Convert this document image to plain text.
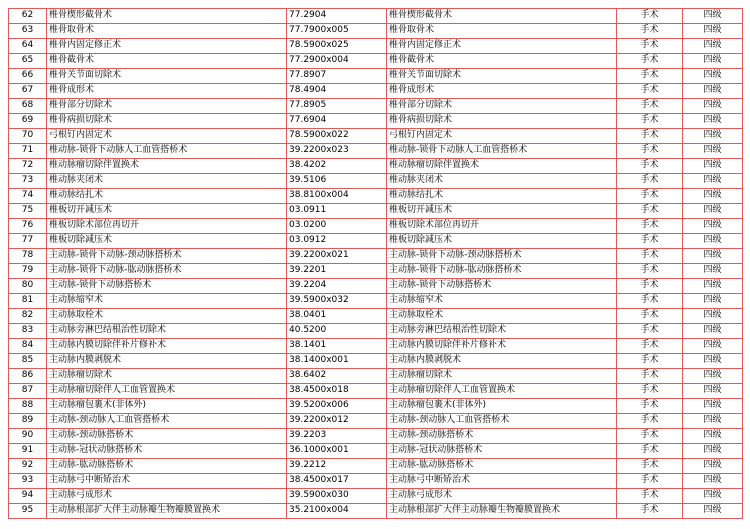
62	椎骨楔形截骨术	77.2904	椎骨楔形截骨术	手术	四级
63	椎骨取骨术	77.7900x005	椎骨取骨术	手术	四级
64	椎骨内固定修正术	78.5900x025	椎骨内固定修正术	手术	四级
65	椎骨截骨术	77.2900x004	椎骨截骨术	手术	四级
66	椎骨关节面切除术	77.8907	椎骨关节面切除术	手术	四级
67	椎骨成形术	78.4904	椎骨成形术	手术	四级
68	椎骨部分切除术	77.8905	椎骨部分切除术	手术	四级
69	椎骨病损切除术	77.6904	椎骨病损切除术	手术	四级
70	弓根钉内固定术	78.5900x022	弓根钉内固定术	手术	四级
71	椎动脉-锁骨下动脉人工血管搭桥术	39.2200x023	椎动脉-锁骨下动脉人工血管搭桥术	手术	四级
72	椎动脉瘤切除伴置换术	38.4202	椎动脉瘤切除伴置换术	手术	四级
73	椎动脉夹闭术	39.5106	椎动脉夹闭术	手术	四级
74	椎动脉结扎术	38.8100x004	椎动脉结扎术	手术	四级
75	椎板切开减压术	03.0911	椎板切开减压术	手术	四级
76	椎板切除术部位再切开	03.0200	椎板切除术部位再切开	手术	四级
77	椎板切除减压术	03.0912	椎板切除减压术	手术	四级
78	主动脉-锁骨下动脉-颈动脉搭桥术	39.2200x021	主动脉-锁骨下动脉-颈动脉搭桥术	手术	四级
79	主动脉-锁骨下动脉-肱动脉搭桥术	39.2201	主动脉-锁骨下动脉-肱动脉搭桥术	手术	四级
80	主动脉-锁骨下动脉搭桥术	39.2204	主动脉-锁骨下动脉搭桥术	手术	四级
81	主动脉缩窄术	39.5900x032	主动脉缩窄术	手术	四级
82	主动脉取栓术	38.0401	主动脉取栓术	手术	四级
83	主动脉旁淋巴结根治性切除术	40.5200	主动脉旁淋巴结根治性切除术	手术	四级
84	主动脉内膜切除伴补片修补术	38.1401	主动脉内膜切除伴补片修补术	手术	四级
85	主动脉内膜剥脱术	38.1400x001	主动脉内膜剥脱术	手术	四级
86	主动脉瘤切除术	38.6402	主动脉瘤切除术	手术	四级
87	主动脉瘤切除伴人工血管置换术	38.4500x018	主动脉瘤切除伴人工血管置换术	手术	四级
88	主动脉瘤包裹术(非体外)	39.5200x006	主动脉瘤包裹术(非体外)	手术	四级
89	主动脉-颈动脉人工血管搭桥术	39.2200x012	主动脉-颈动脉人工血管搭桥术	手术	四级
90	主动脉-颈动脉搭桥术	39.2203	主动脉-颈动脉搭桥术	手术	四级
91	主动脉-冠状动脉搭桥术	36.1000x001	主动脉-冠状动脉搭桥术	手术	四级
92	主动脉-肱动脉搭桥术	39.2212	主动脉-肱动脉搭桥术	手术	四级
93	主动脉弓中断矫治术	38.4500x017	主动脉弓中断矫治术	手术	四级
94	主动脉弓成形术	39.5900x030	主动脉弓成形术	手术	四级
95	主动脉根部扩大伴主动脉瓣生物瓣膜置换术	35.2100x004	主动脉根部扩大伴主动脉瓣生物瓣膜置换术	手术	四级
